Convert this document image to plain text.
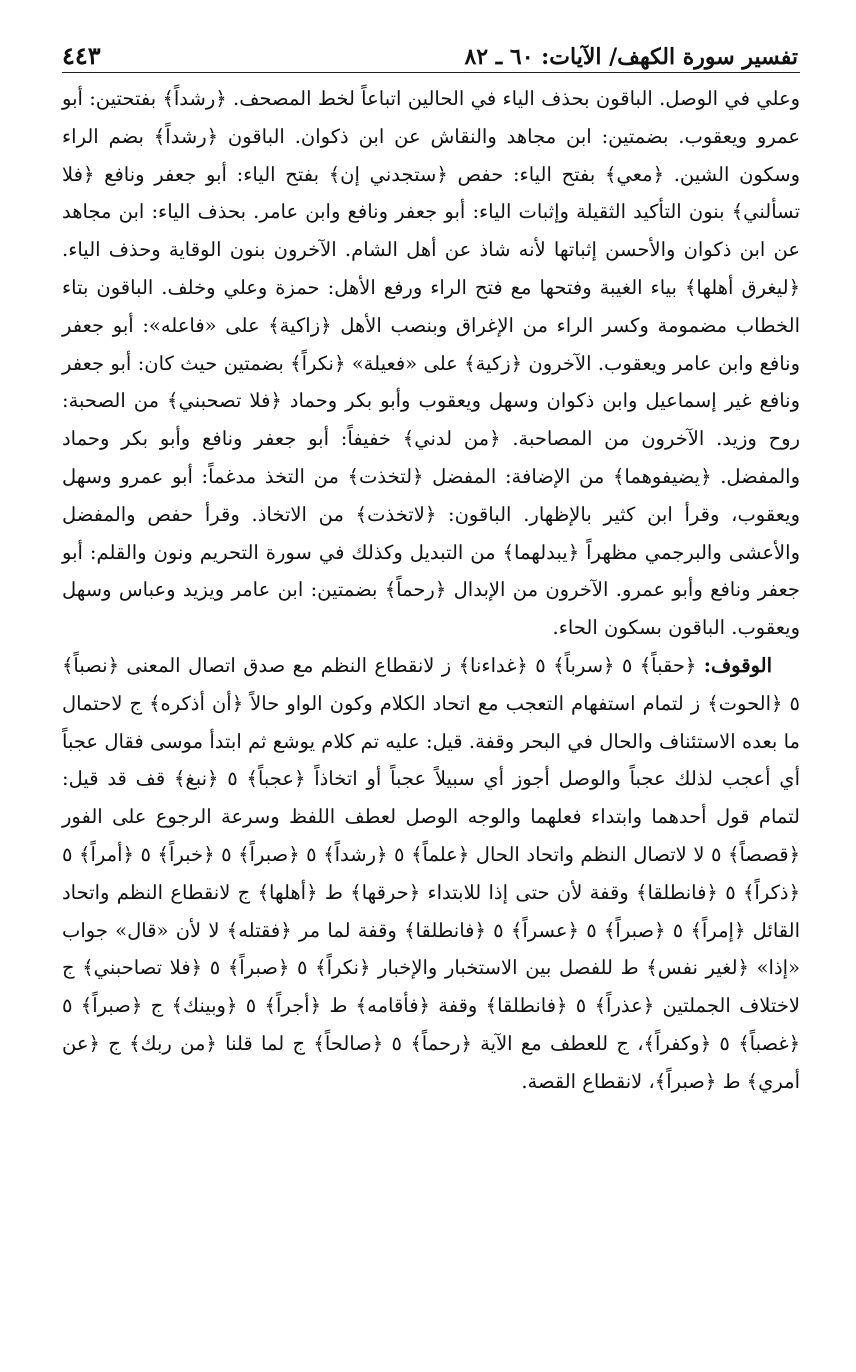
٤٤٣	تفسير سورة الكهف/ الآيات: ٦٠ ـ ٨٢

وعلي في الوصل. الباقون بحذف الياء في الحالين اتباعاً لخط المصحف. ﴿رشداً﴾ بفتحتين: أبو عمرو ويعقوب. بضمتين: ابن مجاهد والنقاش عن ابن ذكوان. الباقون ﴿رشداً﴾ بضم الراء وسكون الشين. ﴿معي﴾ بفتح الياء: حفص ﴿ستجدني إن﴾ بفتح الياء: أبو جعفر ونافع ﴿فلا تسألني﴾ بنون التأكيد الثقيلة وإثبات الياء: أبو جعفر ونافع وابن عامر. بحذف الياء: ابن مجاهد عن ابن ذكوان والأحسن إثباتها لأنه شاذ عن أهل الشام. الآخرون بنون الوقاية وحذف الياء. ﴿ليغرق أهلها﴾ بياء الغيبة وفتحها مع فتح الراء ورفع الأهل: حمزة وعلي وخلف. الباقون بتاء الخطاب مضمومة وكسر الراء من الإغراق وبنصب الأهل ﴿زاكية﴾ على «فاعله»: أبو جعفر ونافع وابن عامر ويعقوب. الآخرون ﴿زكية﴾ على «فعيلة» ﴿نكراً﴾ بضمتين حيث كان: أبو جعفر ونافع غير إسماعيل وابن ذكوان وسهل ويعقوب وأبو بكر وحماد ﴿فلا تصحبني﴾ من الصحبة: روح وزيد. الآخرون من المصاحبة. ﴿من لدني﴾ خفيفاً: أبو جعفر ونافع وأبو بكر وحماد والمفضل. ﴿يضيفوهما﴾ من الإضافة: المفضل ﴿لتخذت﴾ من التخذ مدغماً: أبو عمرو وسهل ويعقوب، وقرأ ابن كثير بالإظهار. الباقون: ﴿لاتخذت﴾ من الاتخاذ. وقرأ حفص والمفضل والأعشى والبرجمي مظهراً ﴿يبدلهما﴾ من التبديل وكذلك في سورة التحريم ونون والقلم: أبو جعفر ونافع وأبو عمرو. الآخرون من الإبدال ﴿رحماً﴾ بضمتين: ابن عامر ويزيد وعباس وسهل ويعقوب. الباقون بسكون الحاء.

الوقوف: ﴿حقباً﴾ ٥ ﴿سرباً﴾ ٥ ﴿غداءنا﴾ ز لانقطاع النظم مع صدق اتصال المعنى ﴿نصباً﴾ ٥ ﴿الحوت﴾ ز لتمام استفهام التعجب مع اتحاد الكلام وكون الواو حالاً ﴿أن أذكره﴾ ج لاحتمال ما بعده الاستئناف والحال في البحر وقفة. قيل: عليه تم كلام يوشع ثم ابتدأ موسى فقال عجباً أي أعجب لذلك عجباً والوصل أجوز أي سبيلاً عجباً أو اتخاذاً ﴿عجباً﴾ ٥ ﴿نبغ﴾ قف قد قيل: لتمام قول أحدهما وابتداء فعلهما والوجه الوصل لعطف اللفظ وسرعة الرجوع على الفور ﴿قصصاً﴾ ٥ لا لاتصال النظم واتحاد الحال ﴿علماً﴾ ٥ ﴿رشداً﴾ ٥ ﴿صبراً﴾ ٥ ﴿خبراً﴾ ٥ ﴿أمراً﴾ ٥ ﴿ذكراً﴾ ٥ ﴿فانطلقا﴾ وقفة لأن حتى إذا للابتداء ﴿حرقها﴾ ط ﴿أهلها﴾ ج لانقطاع النظم واتحاد القائل ﴿إمراً﴾ ٥ ﴿صبراً﴾ ٥ ﴿عسراً﴾ ٥ ﴿فانطلقا﴾ وقفة لما مر ﴿فقتله﴾ لا لأن «قال» جواب «إذا» ﴿لغير نفس﴾ ط للفصل بين الاستخبار والإخبار ﴿نكراً﴾ ٥ ﴿صبراً﴾ ٥ ﴿فلا تصاحبني﴾ ج لاختلاف الجملتين ﴿عذراً﴾ ٥ ﴿فانطلقا﴾ وقفة ﴿فأقامه﴾ ط ﴿أجراً﴾ ٥ ﴿وبينك﴾ ج ﴿صبراً﴾ ٥ ﴿غصباً﴾ ٥ ﴿وكفراً﴾، ج للعطف مع الآية ﴿رحماً﴾ ٥ ﴿صالحاً﴾ ج لما قلنا ﴿من ربك﴾ ج ﴿عن أمري﴾ ط ﴿صبراً﴾، لانقطاع القصة.
